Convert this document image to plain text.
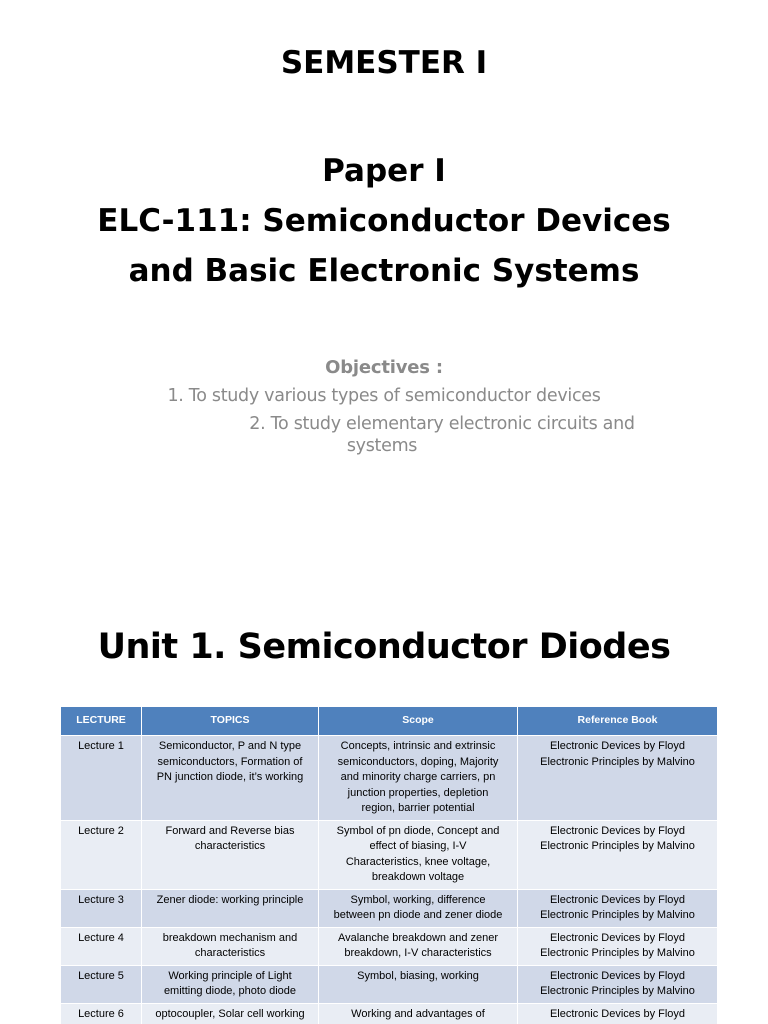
SEMESTER I
Paper I
ELC-111: Semiconductor Devices
and Basic Electronic Systems
Objectives :
1. To study various types of semiconductor devices
2. To study elementary electronic circuits and
systems
Unit 1. Semiconductor Diodes
LECTURE	TOPICS	Scope	Reference Book
Lecture 1	Semiconductor, P and N type
semiconductors, Formation of
PN junction diode, it’s working	Concepts, intrinsic and extrinsic
semiconductors, doping, Majority
and minority charge carriers, pn
junction properties, depletion
region, barrier potential	Electronic Devices by Floyd
Electronic Principles by Malvino

Lecture 2	Forward and Reverse bias
characteristics	Symbol of pn diode, Concept and
effect of biasing, I-V
Characteristics, knee voltage,
breakdown voltage	Electronic Devices by Floyd
Electronic Principles by Malvino

Lecture 3	Zener diode: working principle	Symbol, working, difference
between pn diode and zener diode	Electronic Devices by Floyd
Electronic Principles by Malvino

Lecture 4	breakdown mechanism and
characteristics	Avalanche breakdown and zener
breakdown, I-V characteristics	Electronic Devices by Floyd
Electronic Principles by Malvino

Lecture 5	Working principle of Light
emitting diode, photo diode	Symbol, biasing, working	Electronic Devices by Floyd
Electronic Principles by Malvino

Lecture 6	optocoupler, Solar cell working	Working and advantages of	Electronic Devices by Floyd
